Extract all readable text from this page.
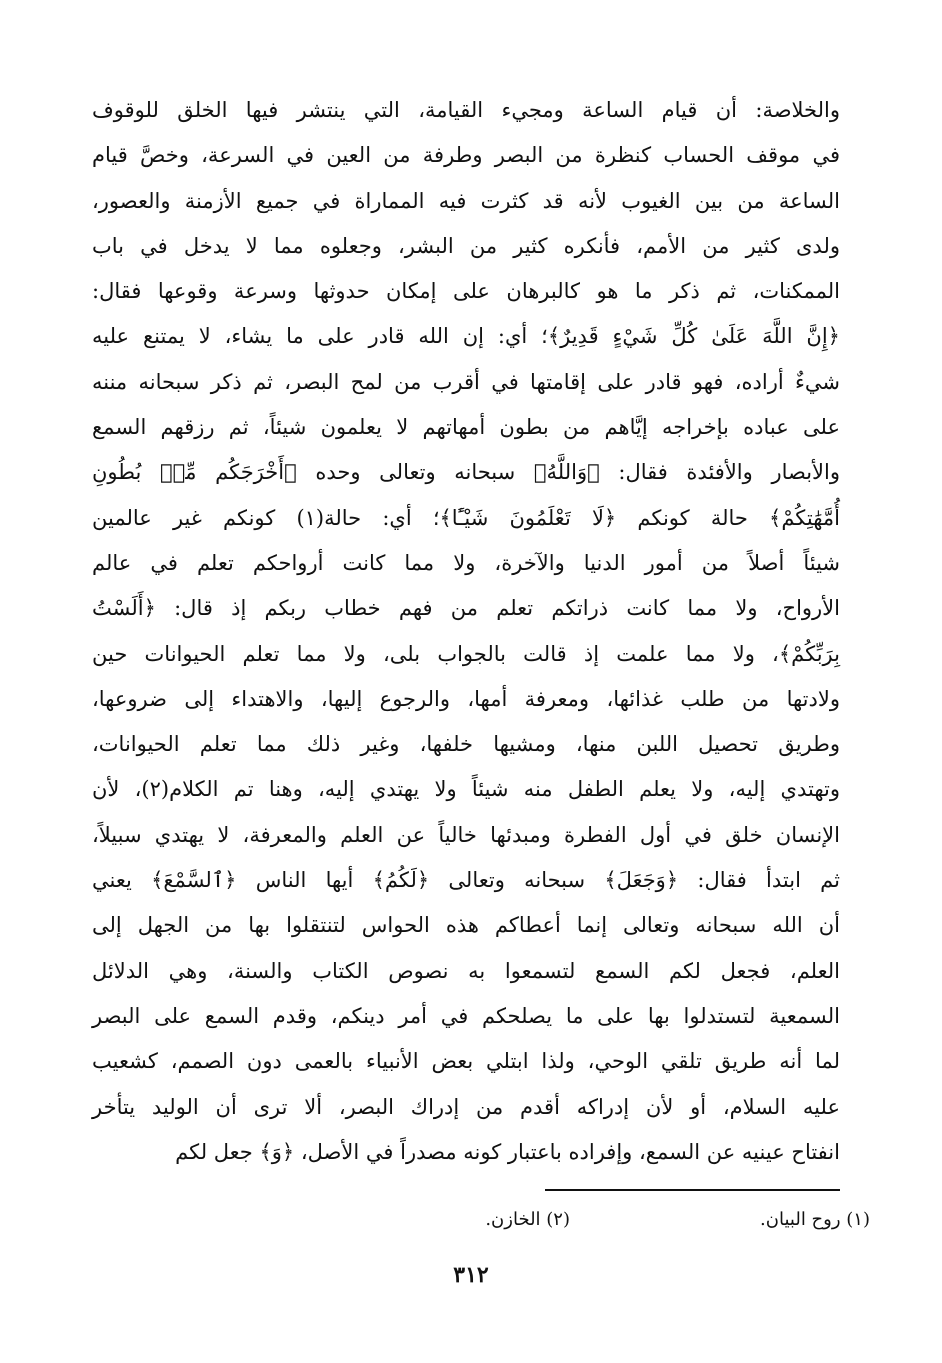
والخلاصة: أن قيام الساعة ومجيء القيامة، التي ينتشر فيها الخلق للوقوف
في موقف الحساب كنظرة من البصر وطرفة من العين في السرعة، وخصَّ قيام
الساعة من بين الغيوب لأنه قد كثرت فيه المماراة في جميع الأزمنة والعصور،
ولدى كثير من الأمم، فأنكره كثير من البشر، وجعلوه مما لا يدخل في باب
الممكنات، ثم ذكر ما هو كالبرهان على إمكان حدوثها وسرعة وقوعها فقال:
﴿إِنَّ اللَّهَ عَلَىٰ كُلِّ شَيْءٍ قَدِيرٌ﴾؛ أي: إن الله قادر على ما يشاء، لا يمتنع عليه
شيءٌ أراده، فهو قادر على إقامتها في أقرب من لمح البصر، ثم ذكر سبحانه مننه
على عباده بإخراجه إيَّاهم من بطون أمهاتهم لا يعلمون شيئاً، ثم رزقهم السمع
والأبصار والأفئدة فقال: ﴿وَاللَّهُ﴾ سبحانه وتعالى وحده ﴿أَخْرَجَكُم مِّنۢ بُطُونِ
أُمَّهَٰتِكُمْ﴾ حالة كونكم ﴿لَا تَعْلَمُونَ شَيْـًٔا﴾؛ أي: حالة(١) كونكم غير عالمين
شيئاً أصلاً من أمور الدنيا والآخرة، ولا مما كانت أرواحكم تعلم في عالم
الأرواح، ولا مما كانت ذراتكم تعلم من فهم خطاب ربكم إذ قال: ﴿أَلَسْتُ
بِرَبِّكُمْ﴾، ولا مما علمت إذ قالت بالجواب بلى، ولا مما تعلم الحيوانات حين
ولادتها من طلب غذائها، ومعرفة أمها، والرجوع إليها، والاهتداء إلى ضروعها،
وطريق تحصيل اللبن منها، ومشيها خلفها، وغير ذلك مما تعلم الحيوانات،
وتهتدي إليه، ولا يعلم الطفل منه شيئاً ولا يهتدي إليه، وهنا تم الكلام(٢)، لأن
الإنسان خلق في أول الفطرة ومبدئها خالياً عن العلم والمعرفة، لا يهتدي سبيلاً،
ثم ابتدأ فقال: ﴿وَجَعَلَ﴾ سبحانه وتعالى ﴿لَكُمُ﴾ أيها الناس ﴿ٱلسَّمْعَ﴾ يعني
أن الله سبحانه وتعالى إنما أعطاكم هذه الحواس لتنتقلوا بها من الجهل إلى
العلم، فجعل لكم السمع لتسمعوا به نصوص الكتاب والسنة، وهي الدلائل
السمعية لتستدلوا بها على ما يصلحكم في أمر دينكم، وقدم السمع على البصر
لما أنه طريق تلقي الوحي، ولذا ابتلي بعض الأنبياء بالعمى دون الصمم، كشعيب
عليه السلام، أو لأن إدراكه أقدم من إدراك البصر، ألا ترى أن الوليد يتأخر
انفتاح عينيه عن السمع، وإفراده باعتبار كونه مصدراً في الأصل، ﴿وَ﴾ جعل لكم
(١) روح البيان.
(٢) الخازن.
٣١٢
